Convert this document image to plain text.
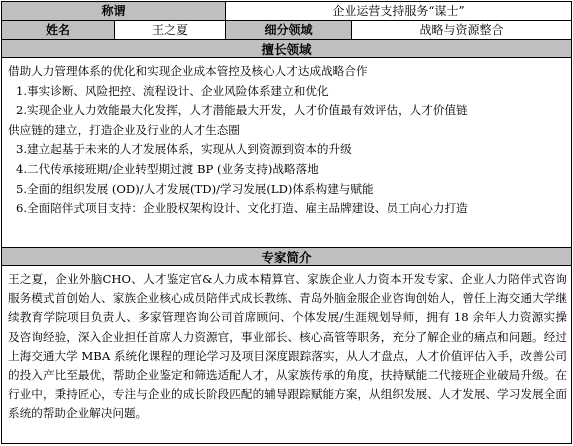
称谓	企业运营支持服务“谋士”
姓名	王之夏	细分领域	战略与资源整合
擅长领域
借助人力管理体系的优化和实现企业成本管控及核心人才达成战略合作
1.事实诊断、风险把控、流程设计、企业风险体系建立和优化
2.实现企业人力效能最大化发挥，人才潜能最大开发，人才价值最有效评估，人才价值链
供应链的建立，打造企业及行业的人才生态圈
3.建立起基于未来的人才发展体系，实现从人到资源到资本的升级
4.二代传承接班期/企业转型期过渡 BP (业务支持)战略落地
5.全面的组织发展 (OD)/人才发展(TD)/学习发展(LD)体系构建与赋能
6.全面陪伴式项目支持：企业股权架构设计、文化打造、雇主品牌建设、员工向心力打造
专家简介
王之夏，企业外脑CHO、人才鉴定官&人力成本精算官、家族企业人力资本开发专家、企业人力陪伴式咨询服务模式首创始人、家族企业核心成员陪伴式成长教练、青岛外脑金服企业咨询创始人，曾任上海交通大学继续教育学院项目负责人、多家管理咨询公司首席顾问、个体发展/生涯规划导师，拥有 18 余年人力资源实操及咨询经验，深入企业担任首席人力资源官，事业部长、核心高管等职务，充分了解企业的痛点和问题。经过上海交通大学 MBA 系统化课程的理论学习及项目深度跟踪落实，从人才盘点，人才价值评估入手，改善公司的投入产比至最优，帮助企业鉴定和筛选适配人才，从家族传承的角度，扶持赋能二代接班企业破局升级。在行业中，秉持匠心，专注与企业的成长阶段匹配的辅导跟踪赋能方案，从组织发展、人才发展、学习发展全面系统的帮助企业解决问题。
